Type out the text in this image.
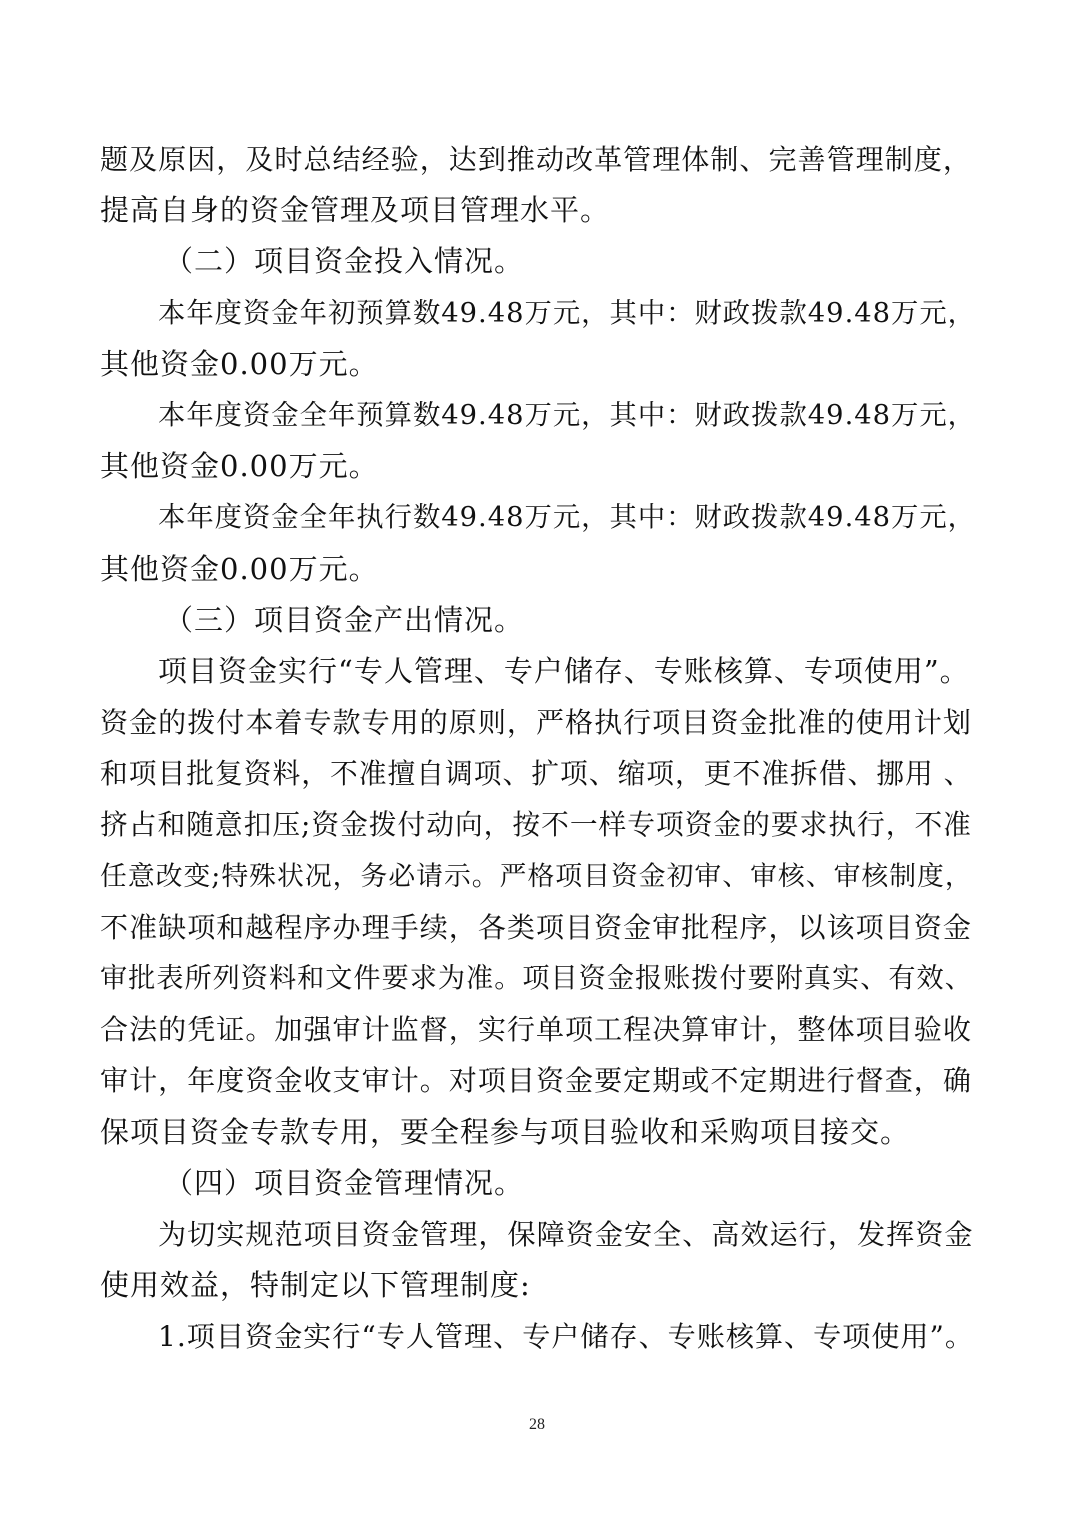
题及原因，及时总结经验，达到推动改革管理体制、完善管理制度，
提高自身的资金管理及项目管理水平。
（二）项目资金投入情况。
本年度资金年初预算数49.48万元，其中：财政拨款49.48万元，
其他资金0.00万元。
本年度资金全年预算数49.48万元，其中：财政拨款49.48万元，
其他资金0.00万元。
本年度资金全年执行数49.48万元，其中：财政拨款49.48万元，
其他资金0.00万元。
（三）项目资金产出情况。
项目资金实行“专人管理、专户储存、专账核算、专项使用”。
资金的拨付本着专款专用的原则，严格执行项目资金批准的使用计划
和项目批复资料，不准擅自调项、扩项、缩项，更不准拆借、挪用 、
挤占和随意扣压;资金拨付动向，按不一样专项资金的要求执行，不准
任意改变;特殊状况，务必请示。严格项目资金初审、审核、审核制度，
不准缺项和越程序办理手续，各类项目资金审批程序，以该项目资金
审批表所列资料和文件要求为准。项目资金报账拨付要附真实、有效、
合法的凭证。加强审计监督，实行单项工程决算审计，整体项目验收
审计，年度资金收支审计。对项目资金要定期或不定期进行督查，确
保项目资金专款专用，要全程参与项目验收和采购项目接交。
（四）项目资金管理情况。
为切实规范项目资金管理，保障资金安全、高效运行，发挥资金
使用效益，特制定以下管理制度:
1.项目资金实行“专人管理、专户储存、专账核算、专项使用”。
28
